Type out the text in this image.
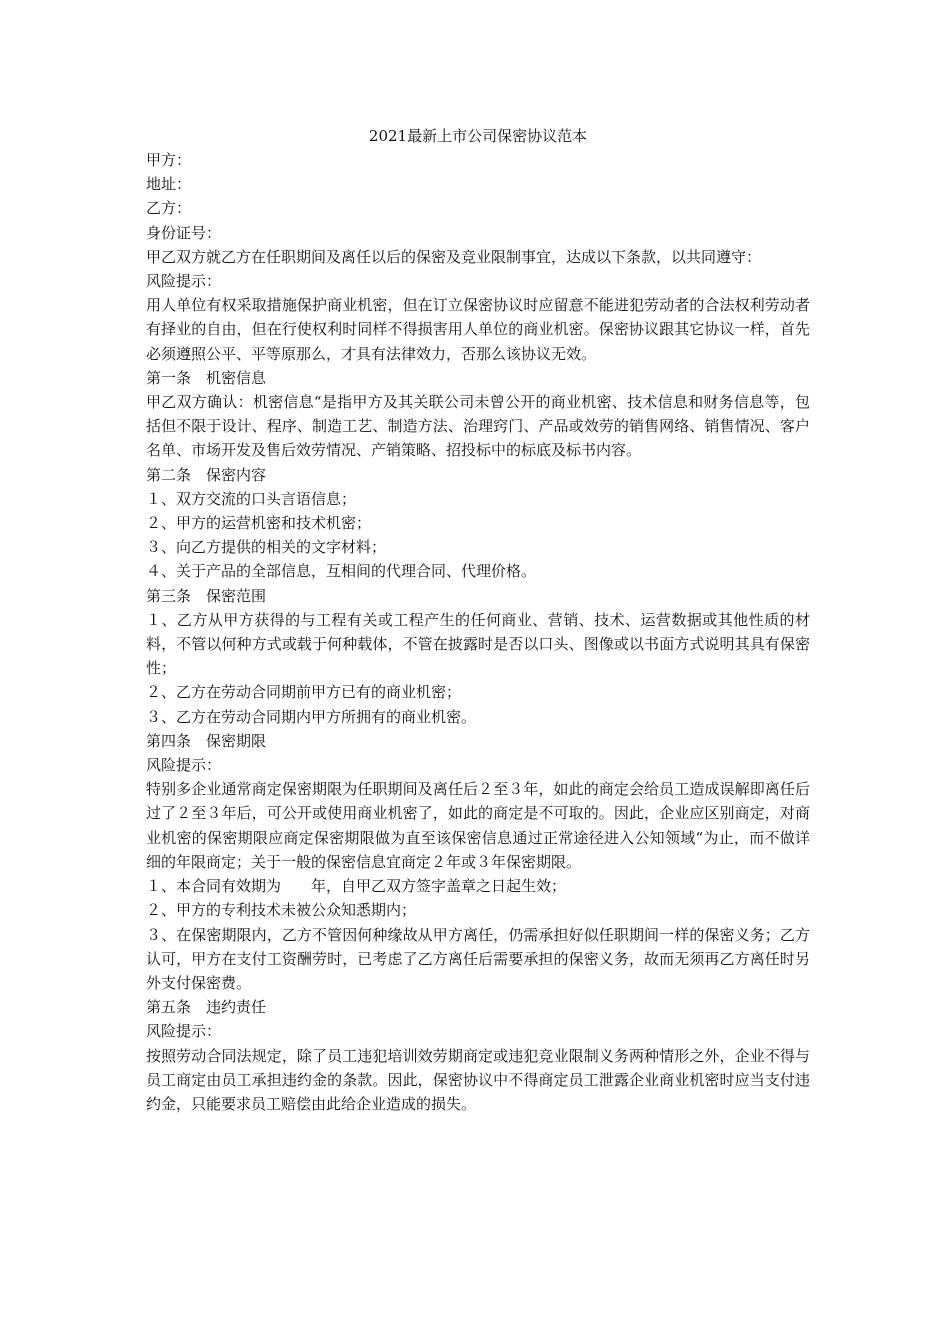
2021最新上市公司保密协议范本

甲方：

地址：

乙方：

身份证号：

甲乙双方就乙方在任职期间及离任以后的保密及竞业限制事宜，达成以下条款，以共同遵守：

风险提示：

用人单位有权采取措施保护商业机密，但在订立保密协议时应留意不能进犯劳动者的合法权利劳动者有择业的自由，但在行使权利时同样不得损害用人单位的商业机密。保密协议跟其它协议一样，首先必须遵照公平、平等原那么，才具有法律效力，否那么该协议无效。

第一条　机密信息

甲乙双方确认：机密信息“是指甲方及其关联公司未曾公开的商业机密、技术信息和财务信息等，包括但不限于设计、程序、制造工艺、制造方法、治理窍门、产品或效劳的销售网络、销售情况、客户名单、市场开发及售后效劳情况、产销策略、招投标中的标底及标书内容。

第二条　保密内容

１、双方交流的口头言语信息；

２、甲方的运营机密和技术机密；

３、向乙方提供的相关的文字材料；

４、关于产品的全部信息，互相间的代理合同、代理价格。

第三条　保密范围

１、乙方从甲方获得的与工程有关或工程产生的任何商业、营销、技术、运营数据或其他性质的材料，不管以何种方式或载于何种载体，不管在披露时是否以口头、图像或以书面方式说明其具有保密性；

２、乙方在劳动合同期前甲方已有的商业机密；

３、乙方在劳动合同期内甲方所拥有的商业机密。

第四条　保密期限

风险提示：

特别多企业通常商定保密期限为任职期间及离任后２至３年，如此的商定会给员工造成误解即离任后过了２至３年后，可公开或使用商业机密了，如此的商定是不可取的。因此，企业应区别商定，对商业机密的保密期限应商定保密期限做为直至该保密信息通过正常途径进入公知领域“为止，而不做详细的年限商定；关于一般的保密信息宜商定２年或３年保密期限。

１、本合同有效期为　　年，自甲乙双方签字盖章之日起生效；

２、甲方的专利技术未被公众知悉期内；

３、在保密期限内，乙方不管因何种缘故从甲方离任，仍需承担好似任职期间一样的保密义务；乙方认可，甲方在支付工资酬劳时，已考虑了乙方离任后需要承担的保密义务，故而无须再乙方离任时另外支付保密费。

第五条　违约责任

风险提示：

按照劳动合同法规定，除了员工违犯培训效劳期商定或违犯竞业限制义务两种情形之外，企业不得与员工商定由员工承担违约金的条款。因此，保密协议中不得商定员工泄露企业商业机密时应当支付违约金，只能要求员工赔偿由此给企业造成的损失。
